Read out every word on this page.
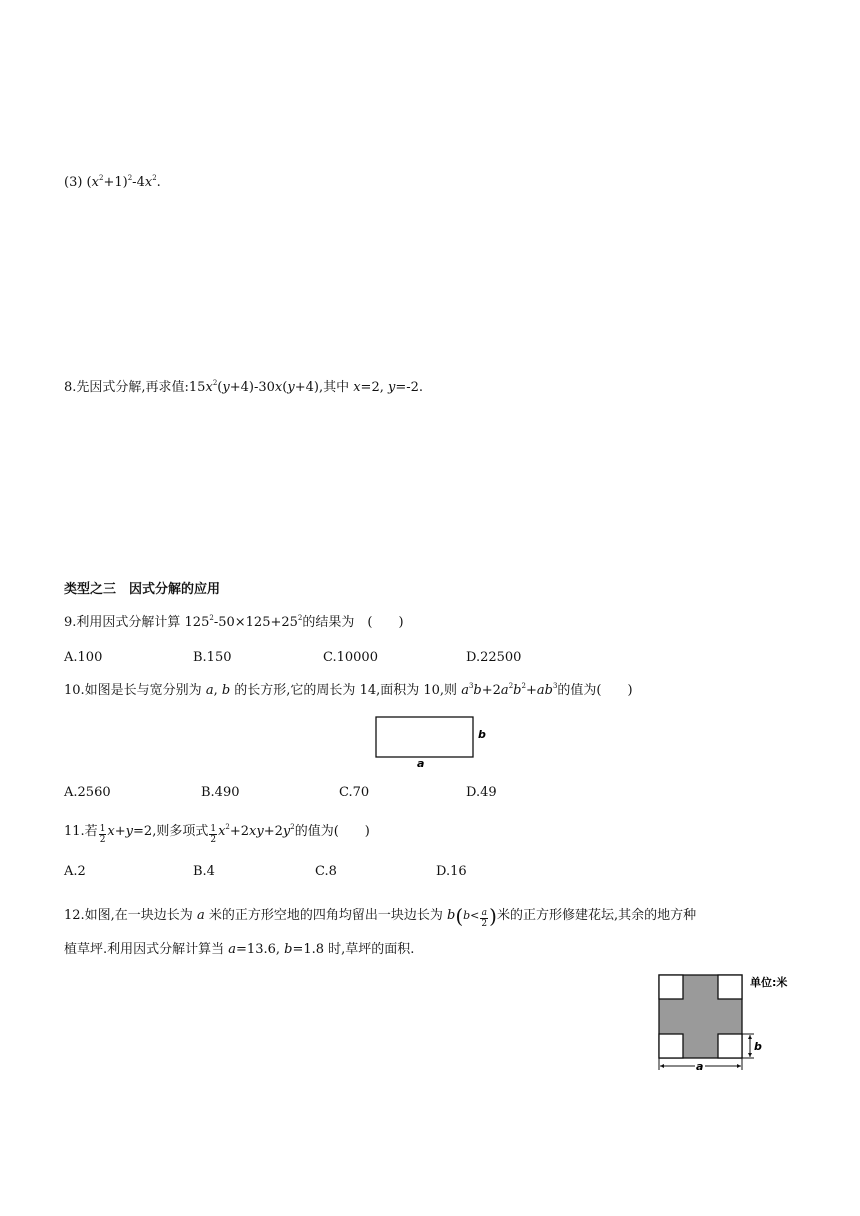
(3) $(x^2+1)^2-4x^2$.
8.先因式分解,再求值$:15x^2(y+4)-30x(y+4)$,其中 x=2, y=-2.
类型之三　因式分解的应用
9.利用因式分解计算 $125^2-50\times 125+25^2$的结果为　(　　)
A.100	B.150	C.10000	D.22500
10.如图是长与宽分别为 a, b 的长方形,它的周长为 14,面积为 10,则 $a^3b+2a^2b^2+ab^3$的值为(　　)
b
a
A.2560	B.490	C.70	D.49
11.若 $\frac{1}{2} x+y=2$,则多项式 $\frac{1}{2} x^2+2xy+2y^2$的值为(　　)
A.2	B.4	C.8	D.16
12.如图,在一块边长为 a 米的正方形空地的四角均留出一块边长为 b($^{b< \frac{a}{2}}$ )米的正方形修建花坛,其余的地方种
植草坪.利用因式分解计算当 a=13.6, b=1.8 时,草坪的面积.
单位:米
b
a
